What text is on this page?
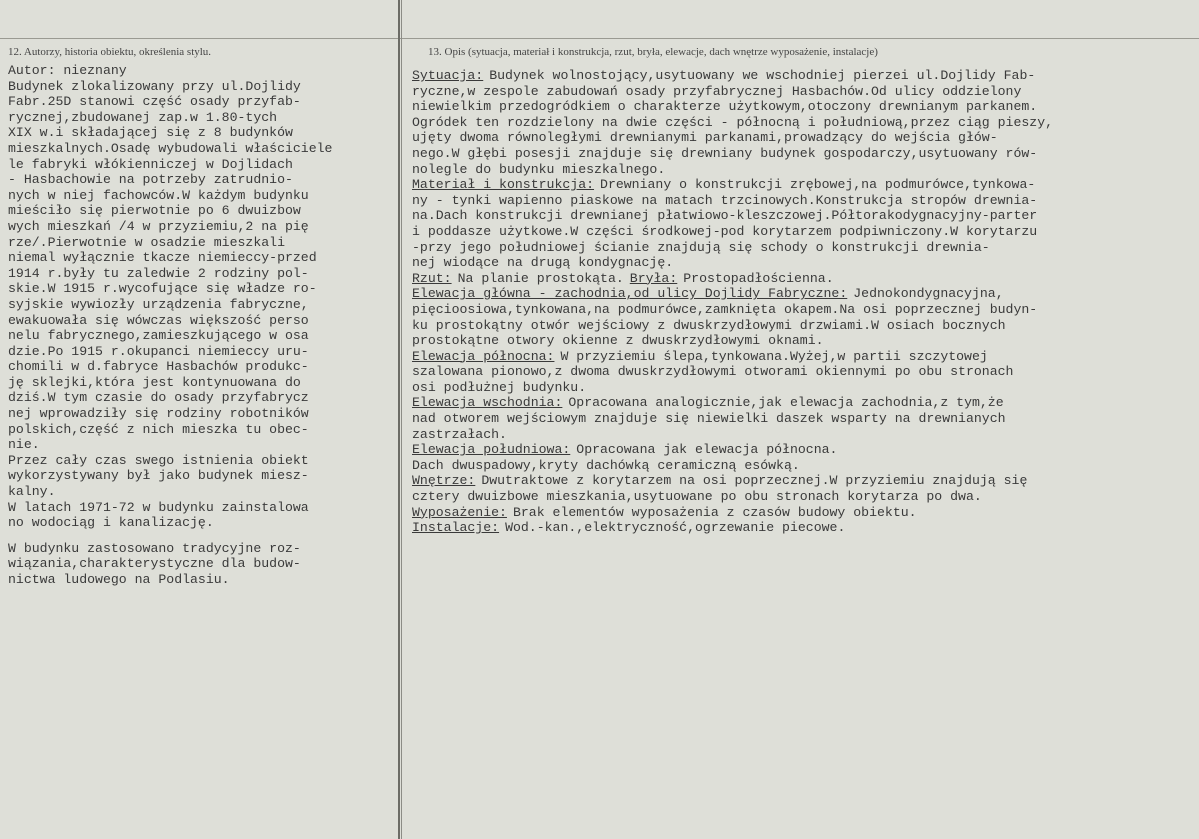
12. Autorzy, historia obiektu, określenia stylu.	13. Opis (sytuacja, materiał i konstrukcja, rzut, bryła, elewacje, dach wnętrze wyposażenie, instalacje)
Autor: nieznany
Budynek zlokalizowany przy ul.Dojlidy
Fabr.25D stanowi część osady przyfab-
rycznej,zbudowanej zap.w 1.80-tych
XIX w.i składającej się z 8 budynków
mieszkalnych.Osadę wybudowali właściciele
le fabryki włókienniczej w Dojlidach
- Hasbachowie na potrzeby zatrudnio-
nych w niej fachowców.W każdym budynku
mieściło się pierwotnie po 6 dwuizbow
wych mieszkań /4 w przyziemiu,2 na pię
rze/.Pierwotnie w osadzie mieszkali
niemal wyłącznie tkacze niemieccy-przed
1914 r.były tu zaledwie 2 rodziny pol-
skie.W 1915 r.wycofujące się władze ro-
syjskie wywiozły urządzenia fabryczne,
ewakuowała się wówczas większość perso
nelu fabrycznego,zamieszkującego w osa
dzie.Po 1915 r.okupanci niemieccy uru-
chomili w d.fabryce Hasbachów produkc-
ję sklejki,która jest kontynuowana do
dziś.W tym czasie do osady przyfabrycz
nej wprowadziły się rodziny robotników
polskich,część z nich mieszka tu obec-
nie.
Przez cały czas swego istnienia obiekt
wykorzystywany był jako budynek miesz-
kalny.
W latach 1971-72 w budynku zainstalowa
no wodociąg i kanalizację.
W budynku zastosowano tradycyjne roz-
wiązania,charakterystyczne dla budow-
nictwa ludowego na Podlasiu.
Sytuacja: Budynek wolnostojący,usytuowany we wschodniej pierzei ul.Dojlidy Fab-
ryczne,w zespole zabudowań osady przyfabrycznej Hasbachów.Od ulicy oddzielony
niewielkim przedogródkiem o charakterze użytkowym,otoczony drewnianym parkanem.
Ogródek ten rozdzielony na dwie części - północną i południową,przez ciąg pieszy,
ujęty dwoma równoległymi drewnianymi parkanami,prowadzący do wejścia głów-
nego.W głębi posesji znajduje się drewniany budynek gospodarczy,usytuowany rów-
nolegle do budynku mieszkalnego.
Materiał i konstrukcja: Drewniany o konstrukcji zrębowej,na podmurówce,tynkowa-
ny - tynki wapienno piaskowe na matach trzcinowych.Konstrukcja stropów drewnia-
na.Dach konstrukcji drewnianej płatwiowo-kleszczowej.Półtorakodygnacyjny-parter
i poddasze użytkowe.W części środkowej-pod korytarzem podpiwniczony.W korytarzu
-przy jego południowej ścianie znajdują się schody o konstrukcji drewnia-
nej wiodące na drugą kondygnację.
Rzut: Na planie prostokąta. Bryła: Prostopadłościenna.
Elewacja główna - zachodnia,od ulicy Dojlidy Fabryczne: Jednokondygnacyjna,
pięcioosiowa,tynkowana,na podmurówce,zamknięta okapem.Na osi poprzecznej budyn-
ku prostokątny otwór wejściowy z dwuskrzydłowymi drzwiami.W osiach bocznych
prostokątne otwory okienne z dwuskrzydłowymi oknami.
Elewacja północna: W przyziemiu ślepa,tynkowana.Wyżej,w partii szczytowej
szalowana pionowo,z dwoma dwuskrzydłowymi otworami okiennymi po obu stronach
osi podłużnej budynku.
Elewacja wschodnia: Opracowana analogicznie,jak elewacja zachodnia,z tym,że
nad otworem wejściowym znajduje się niewielki daszek wsparty na drewnianych
zastrzałach.
Elewacja południowa: Opracowana jak elewacja północna.
Dach dwuspadowy,kryty dachówką ceramiczną esówką.
Wnętrze: Dwutraktowe z korytarzem na osi poprzecznej.W przyziemiu znajdują się
cztery dwuizbowe mieszkania,usytuowane po obu stronach korytarza po dwa.
Wyposażenie: Brak elementów wyposażenia z czasów budowy obiektu.
Instalacje: Wod.-kan.,elektryczność,ogrzewanie piecowe.
